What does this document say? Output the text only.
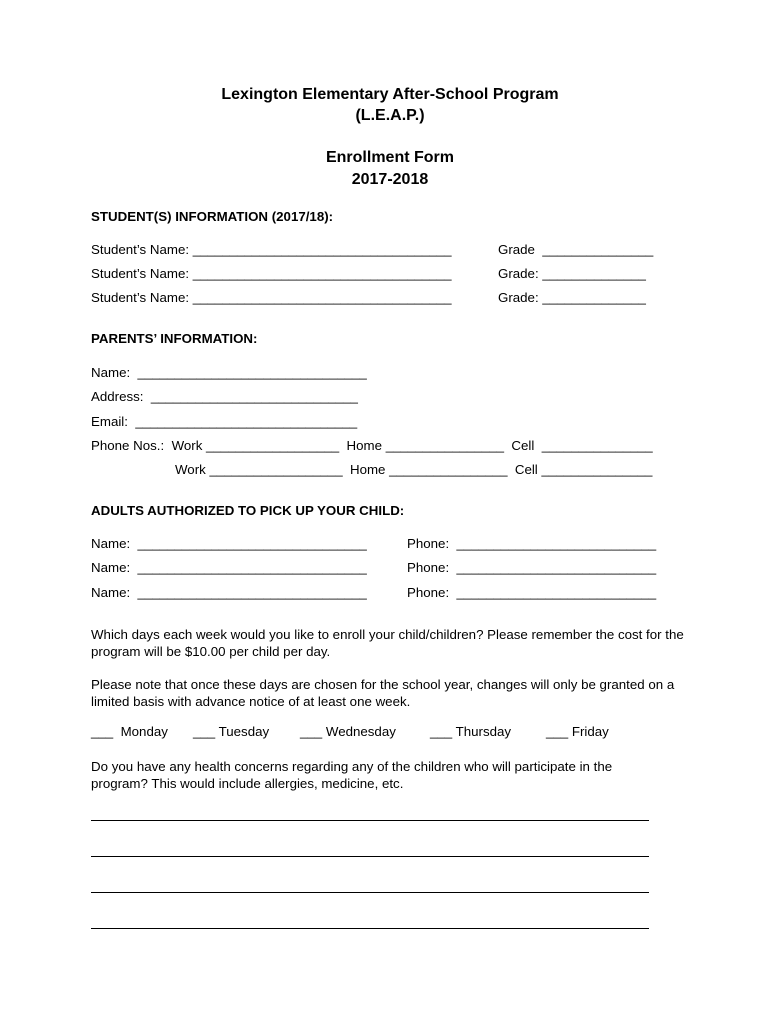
Lexington Elementary After-School Program
(L.E.A.P.)
Enrollment Form
2017-2018
STUDENT(S) INFORMATION (2017/18):
Student’s Name: ___________________________________	Grade  _______________
Student’s Name: ___________________________________	Grade: ______________
Student’s Name: ___________________________________	Grade: ______________
PARENTS’ INFORMATION:
Name:  _______________________________
Address:  ____________________________
Email:  ______________________________
Phone Nos.:  Work __________________  Home ________________  Cell  _______________
Work __________________  Home ________________  Cell _______________
ADULTS AUTHORIZED TO PICK UP YOUR CHILD:
Name:  _______________________________	Phone:  ___________________________
Name:  _______________________________	Phone:  ___________________________
Name:  _______________________________	Phone:  ___________________________
Which days each week would you like to enroll your child/children? Please remember the cost for the program will be $10.00 per child per day.
Please note that once these days are chosen for the school year, changes will only be granted on a limited basis with advance notice of at least one week.
___  Monday ___ Tuesday ___ Wednesday	___ Thursday	___ Friday
Do you have any health concerns regarding any of the children who will participate in the program? This would include allergies, medicine, etc.
